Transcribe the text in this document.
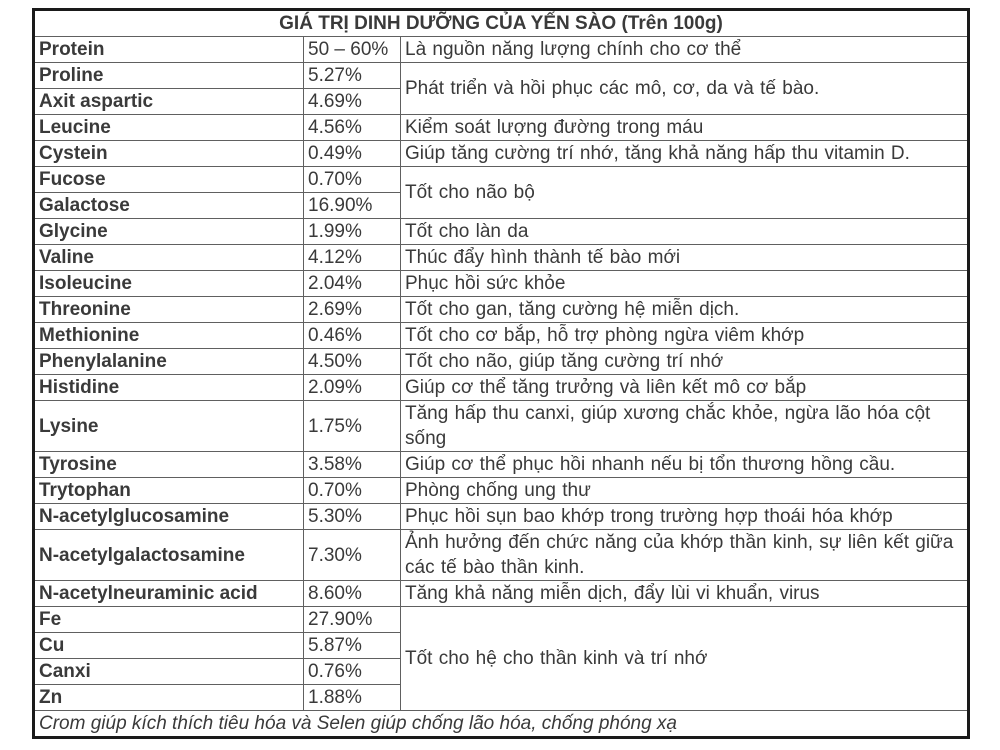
GIÁ TRỊ DINH DƯỠNG CỦA YẾN SÀO (Trên 100g)		
Protein	50 – 60%	Là nguồn năng lượng chính cho cơ thể
Proline	5.27%	Phát triển và hồi phục các mô, cơ, da và tế bào.
Axit aspartic	4.69%	
Leucine	4.56%	Kiểm soát lượng đường trong máu
Cystein	0.49%	Giúp tăng cường trí nhớ, tăng khả năng hấp thu vitamin D.
Fucose	0.70%	Tốt cho não bộ
Galactose	16.90%	
Glycine	1.99%	Tốt cho làn da
Valine	4.12%	Thúc đẩy hình thành tế bào mới
Isoleucine	2.04%	Phục hồi sức khỏe
Threonine	2.69%	Tốt cho gan, tăng cường hệ miễn dịch.
Methionine	0.46%	Tốt cho cơ bắp, hỗ trợ phòng ngừa viêm khớp
Phenylalanine	4.50%	Tốt cho não, giúp tăng cường trí nhớ
Histidine	2.09%	Giúp cơ thể tăng trưởng và liên kết mô cơ bắp
Lysine	1.75%	Tăng hấp thu canxi, giúp xương chắc khỏe, ngừa lão hóa cột sống
Tyrosine	3.58%	Giúp cơ thể phục hồi nhanh nếu bị tổn thương hồng cầu.
Trytophan	0.70%	Phòng chống ung thư
N-acetylglucosamine	5.30%	Phục hồi sụn bao khớp trong trường hợp thoái hóa khớp
N-acetylgalactosamine	7.30%	Ảnh hưởng đến chức năng của khớp thần kinh, sự liên kết giữa các tế bào thần kinh.
N-acetylneuraminic acid	8.60%	Tăng khả năng miễn dịch, đẩy lùi vi khuẩn, virus
Fe	27.90%	Tốt cho hệ cho thần kinh và trí nhớ
Cu	5.87%	
Canxi	0.76%	
Zn	1.88%	
Crom giúp kích thích tiêu hóa và Selen giúp chống lão hóa, chống phóng xạ		
